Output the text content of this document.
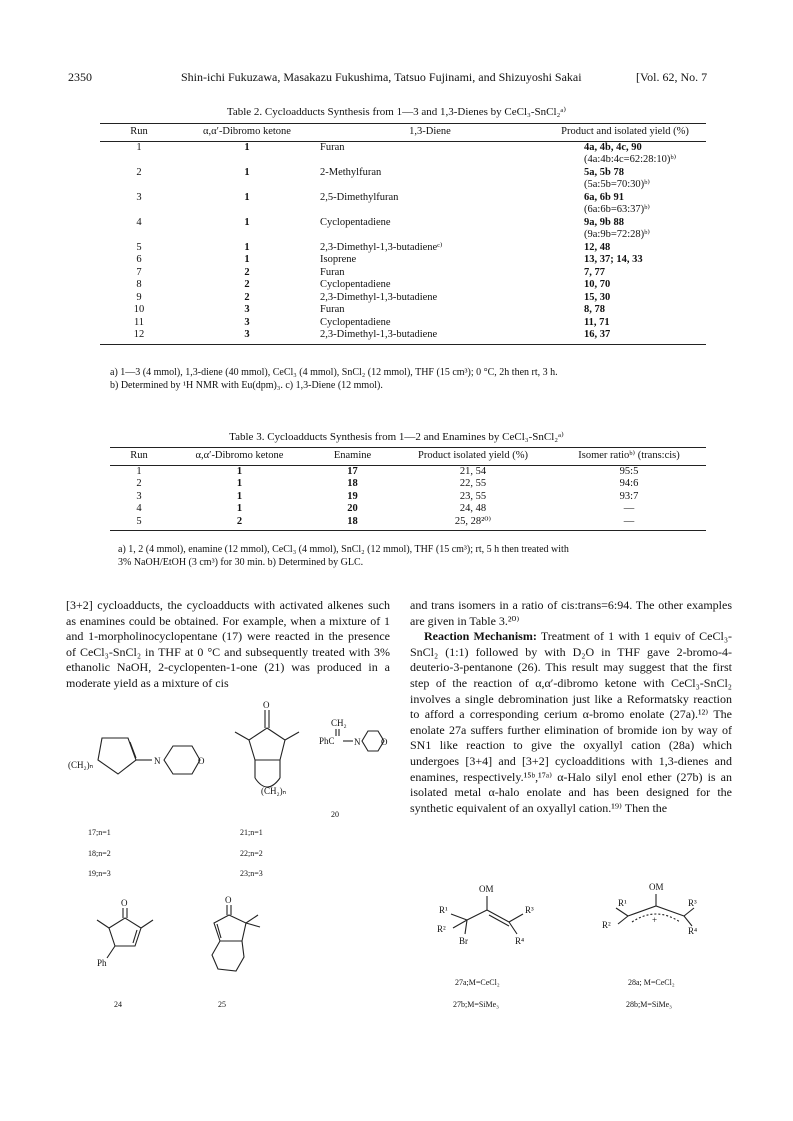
2350	Shin-ichi Fukuzawa, Masakazu Fukushima, Tatsuo Fujinami, and Shizuyoshi Sakai	[Vol. 62, No. 7
Table 2. Cycloadducts Synthesis from 1—3 and 1,3-Dienes by CeCl₃-SnCl₂ᵃ⁾
Run	α,α′-Dibromo ketone	1,3-Diene	Product and isolated yield (%)
1	1	Furan	4a, 4b, 4c, 90
(4a:4b:4c=62:28:10)ᵇ⁾

2	1	2-Methylfuran	5a, 5b 78
(5a:5b=70:30)ᵇ⁾

3	1	2,5-Dimethylfuran	6a, 6b 91
(6a:6b=63:37)ᵇ⁾

4	1	Cyclopentadiene	9a, 9b 88
(9a:9b=72:28)ᵇ⁾

5	1	2,3-Dimethyl-1,3-butadieneᶜ⁾	12, 48

6	1	Isoprene	13, 37; 14, 33

7	2	Furan	7, 77

8	2	Cyclopentadiene	10, 70

9	2	2,3-Dimethyl-1,3-butadiene	15, 30

10	3	Furan	8, 78

11	3	Cyclopentadiene	11, 71

12	3	2,3-Dimethyl-1,3-butadiene	16, 37
a) 1—3 (4 mmol), 1,3-diene (40 mmol), CeCl₃ (4 mmol), SnCl₂ (12 mmol), THF (15 cm³); 0 °C, 2h then rt, 3 h.
b) Determined by ¹H NMR with Eu(dpm)₃. c) 1,3-Diene (12 mmol).
Table 3. Cycloadducts Synthesis from 1—2 and Enamines by CeCl₃-SnCl₂ᵃ⁾
Run	α,α′-Dibromo ketone	Enamine	Product isolated yield (%)	Isomer ratioᵇ⁾ (trans:cis)
1	1	17	21, 54	95:5
2	1	18	22, 55	94:6
3	1	19	23, 55	93:7
4	1	20	24, 48	—
5	2	18	25, 28²⁰⁾	—
a) 1, 2 (4 mmol), enamine (12 mmol), CeCl₃ (4 mmol), SnCl₂ (12 mmol), THF (15 cm³); rt, 5 h then treated with
3% NaOH/EtOH (3 cm³) for 30 min. b) Determined by GLC.

[3+2] cycloadducts, the cycloadducts with activated alkenes such as enamines could be obtained. For example, when a mixture of 1 and 1-morpholinocyclopentane (17) were reacted in the presence of CeCl₃-SnCl₂ in THF at 0 °C and subsequently treated with 3% ethanolic NaOH, 2-cyclopenten-1-one (21) was produced in a moderate yield as a mixture of cis

and trans isomers in a ratio of cis:trans=6:94. The other examples are given in Table 3.²⁰⁾

Reaction Mechanism: Treatment of 1 with 1 equiv of CeCl₃-SnCl₂ (1:1) followed by with D₂O in THF gave 2-bromo-4-deuterio-3-pentanone (26). This result may suggest that the first step of the reaction of α,α′-dibromo ketone with CeCl₃-SnCl₂ involves a single debromination just like a Reformatsky reaction to afford a corresponding cerium α-bromo enolate (27a).¹²⁾ The enolate 27a suffers further elimination of bromide ion by way of SN1 like reaction to give the oxyallyl cation (28a) which undergoes [3+4] and [3+2] cycloadditions with 1,3-dienes and enamines, respectively.¹⁵ᵇ,¹⁷ᵃ⁾ α-Halo silyl enol ether (27b) is an isolated metal α-halo enolate and has been designed for the synthetic equivalent of an oxyallyl cation.¹⁹⁾ Then the

N	O
(CH₂)ₙ
17;n=1
18;n=2
19;n=3
O
(CH₂)ₙ
21;n=1
22;n=2
23;n=3
CH₂
PhC N O
20
O
Ph
24
O
25
OM
R¹
R²
Br
R³
R⁴
27a;M=CeCl₂
27b;M=SiMe₃
OM
+
R¹
R²
R³
R⁴
28a; M=CeCl₂
28b;M=SiMe₃
